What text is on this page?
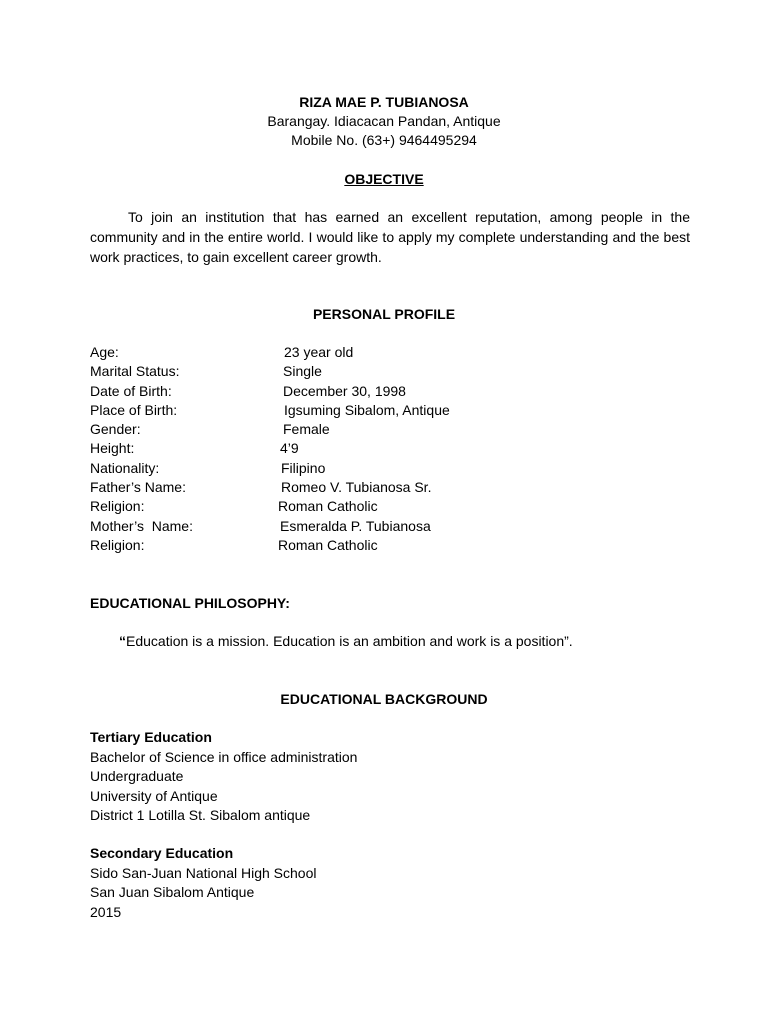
RIZA MAE P. TUBIANOSA
Barangay. Idiacacan Pandan, Antique
Mobile No. (63+) 9464495294
OBJECTIVE
To join an institution that has earned an excellent reputation, among people in the community and in the entire world. I would like to apply my complete understanding and the best work practices, to gain excellent career growth.
PERSONAL PROFILE
Age:	23 year old
Marital Status:	Single
Date of Birth:	December 30, 1998
Place of Birth:	Igsuming Sibalom, Antique
Gender:	Female
Height:	4’9
Nationality:	Filipino
Father’s Name:	Romeo V. Tubianosa Sr.
Religion:	Roman Catholic
Mother’s  Name:	Esmeralda P. Tubianosa
Religion:	Roman Catholic
EDUCATIONAL PHILOSOPHY:
“Education is a mission. Education is an ambition and work is a position”.
EDUCATIONAL BACKGROUND
Tertiary Education
Bachelor of Science in office administration
Undergraduate
University of Antique
District 1 Lotilla St. Sibalom antique
Secondary Education
Sido San-Juan National High School
San Juan Sibalom Antique
2015
